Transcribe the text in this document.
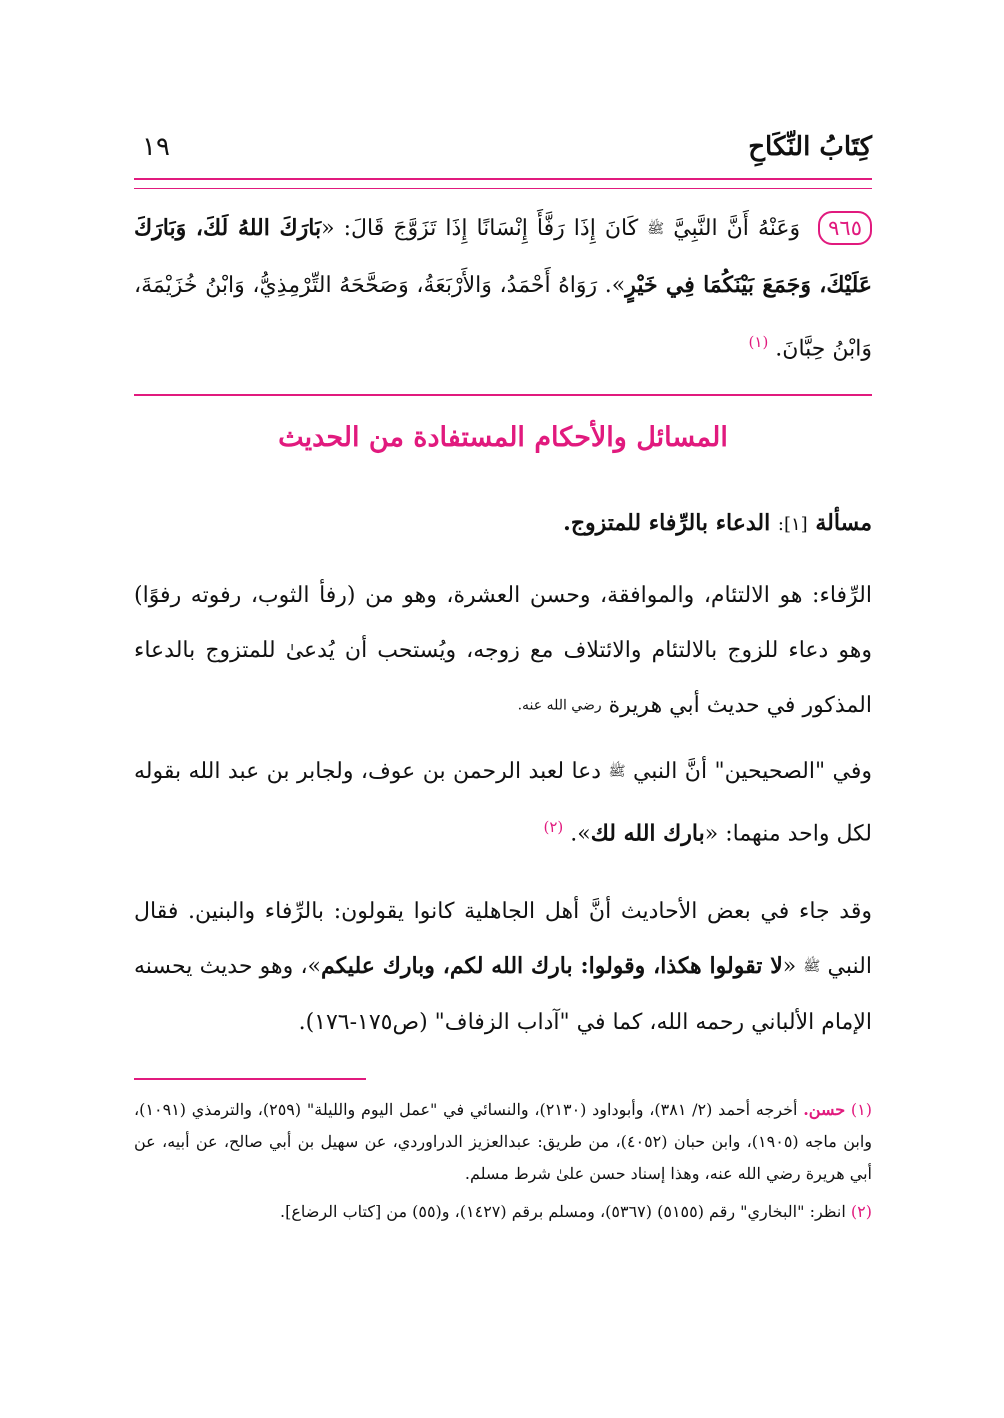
كِتَابُ النِّكَاحِ
١٩
٩٦٥وَعَنْهُ أَنَّ النَّبِيَّ ﷺ كَانَ إِذَا رَفَّأَ إِنْسَانًا إِذَا تَزَوَّجَ قَالَ: «بَارَكَ اللهُ لَكَ، وَبَارَكَ عَلَيْكَ، وَجَمَعَ بَيْنَكُمَا فِي خَيْرٍ». رَوَاهُ أَحْمَدُ، وَالأَرْبَعَةُ، وَصَحَّحَهُ التِّرْمِذِيُّ، وَابْنُ خُزَيْمَةَ، وَابْنُ حِبَّانَ. $^{(١)}$
المسائل والأحكام المستفادة من الحديث
مسألة [١]: الدعاء بالرِّفاء للمتزوج.
الرِّفاء: هو الالتئام، والموافقة، وحسن العشرة، وهو من (رفأ الثوب، رفوته رفوًا) وهو دعاء للزوج بالالتئام والائتلاف مع زوجه، ويُستحب أن يُدعىٰ للمتزوج بالدعاء المذكور في حديث أبي هريرة رضي الله عنه.
وفي "الصحيحين" أنَّ النبي ﷺ دعا لعبد الرحمن بن عوف، ولجابر بن عبد الله بقوله لكل واحد منهما: «بارك الله لك». $^{(٢)}$
وقد جاء في بعض الأحاديث أنَّ أهل الجاهلية كانوا يقولون: بالرِّفاء والبنين. فقال النبي ﷺ «لا تقولوا هكذا، وقولوا: بارك الله لكم، وبارك عليكم»، وهو حديث يحسنه الإمام الألباني رحمه الله، كما في "آداب الزفاف" (ص١٧٥-١٧٦).
(١) حسن. أخرجه أحمد (٢/ ٣٨١)، وأبوداود (٢١٣٠)، والنسائي في "عمل اليوم والليلة" (٢٥٩)، والترمذي (١٠٩١)، وابن ماجه (١٩٠٥)، وابن حبان (٤٠٥٢)، من طريق: عبدالعزيز الدراوردي، عن سهيل بن أبي صالح، عن أبيه، عن أبي هريرة رضي الله عنه، وهذا إسناد حسن علىٰ شرط مسلم.
(٢) انظر: "البخاري" رقم (٥١٥٥) (٥٣٦٧)، ومسلم برقم (١٤٢٧)، و(٥٥) من [كتاب الرضاع].
